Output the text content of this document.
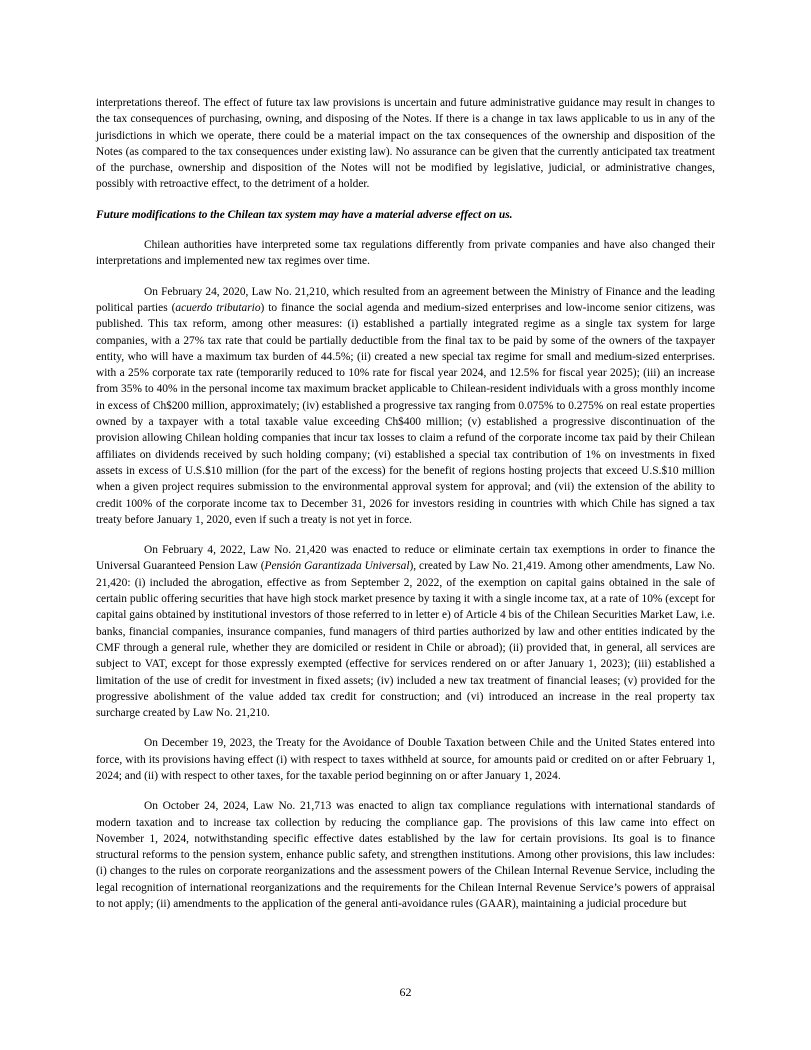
interpretations thereof. The effect of future tax law provisions is uncertain and future administrative guidance may result in changes to the tax consequences of purchasing, owning, and disposing of the Notes. If there is a change in tax laws applicable to us in any of the jurisdictions in which we operate, there could be a material impact on the tax consequences of the ownership and disposition of the Notes (as compared to the tax consequences under existing law). No assurance can be given that the currently anticipated tax treatment of the purchase, ownership and disposition of the Notes will not be modified by legislative, judicial, or administrative changes, possibly with retroactive effect, to the detriment of a holder.

Future modifications to the Chilean tax system may have a material adverse effect on us.

Chilean authorities have interpreted some tax regulations differently from private companies and have also changed their interpretations and implemented new tax regimes over time.

On February 24, 2020, Law No. 21,210, which resulted from an agreement between the Ministry of Finance and the leading political parties (acuerdo tributario) to finance the social agenda and medium-sized enterprises and low-income senior citizens, was published. This tax reform, among other measures: (i) established a partially integrated regime as a single tax system for large companies, with a 27% tax rate that could be partially deductible from the final tax to be paid by some of the owners of the taxpayer entity, who will have a maximum tax burden of 44.5%; (ii) created a new special tax regime for small and medium-sized enterprises. with a 25% corporate tax rate (temporarily reduced to 10% rate for fiscal year 2024, and 12.5% for fiscal year 2025); (iii) an increase from 35% to 40% in the personal income tax maximum bracket applicable to Chilean-resident individuals with a gross monthly income in excess of Ch$200 million, approximately; (iv) established a progressive tax ranging from 0.075% to 0.275% on real estate properties owned by a taxpayer with a total taxable value exceeding Ch$400 million; (v) established a progressive discontinuation of the provision allowing Chilean holding companies that incur tax losses to claim a refund of the corporate income tax paid by their Chilean affiliates on dividends received by such holding company; (vi) established a special tax contribution of 1% on investments in fixed assets in excess of U.S.$10 million (for the part of the excess) for the benefit of regions hosting projects that exceed U.S.$10 million when a given project requires submission to the environmental approval system for approval; and (vii) the extension of the ability to credit 100% of the corporate income tax to December 31, 2026 for investors residing in countries with which Chile has signed a tax treaty before January 1, 2020, even if such a treaty is not yet in force.

On February 4, 2022, Law No. 21,420 was enacted to reduce or eliminate certain tax exemptions in order to finance the Universal Guaranteed Pension Law (Pensión Garantizada Universal), created by Law No. 21,419. Among other amendments, Law No. 21,420: (i) included the abrogation, effective as from September 2, 2022, of the exemption on capital gains obtained in the sale of certain public offering securities that have high stock market presence by taxing it with a single income tax, at a rate of 10% (except for capital gains obtained by institutional investors of those referred to in letter e) of Article 4 bis of the Chilean Securities Market Law, i.e. banks, financial companies, insurance companies, fund managers of third parties authorized by law and other entities indicated by the CMF through a general rule, whether they are domiciled or resident in Chile or abroad); (ii) provided that, in general, all services are subject to VAT, except for those expressly exempted (effective for services rendered on or after January 1, 2023); (iii) established a limitation of the use of credit for investment in fixed assets; (iv) included a new tax treatment of financial leases; (v) provided for the progressive abolishment of the value added tax credit for construction; and (vi) introduced an increase in the real property tax surcharge created by Law No. 21,210.

On December 19, 2023, the Treaty for the Avoidance of Double Taxation between Chile and the United States entered into force, with its provisions having effect (i) with respect to taxes withheld at source, for amounts paid or credited on or after February 1, 2024; and (ii) with respect to other taxes, for the taxable period beginning on or after January 1, 2024.

On October 24, 2024, Law No. 21,713 was enacted to align tax compliance regulations with international standards of modern taxation and to increase tax collection by reducing the compliance gap. The provisions of this law came into effect on November 1, 2024, notwithstanding specific effective dates established by the law for certain provisions. Its goal is to finance structural reforms to the pension system, enhance public safety, and strengthen institutions. Among other provisions, this law includes: (i) changes to the rules on corporate reorganizations and the assessment powers of the Chilean Internal Revenue Service, including the legal recognition of international reorganizations and the requirements for the Chilean Internal Revenue Service’s powers of appraisal to not apply; (ii) amendments to the application of the general anti-avoidance rules (GAAR), maintaining a judicial procedure but

62
